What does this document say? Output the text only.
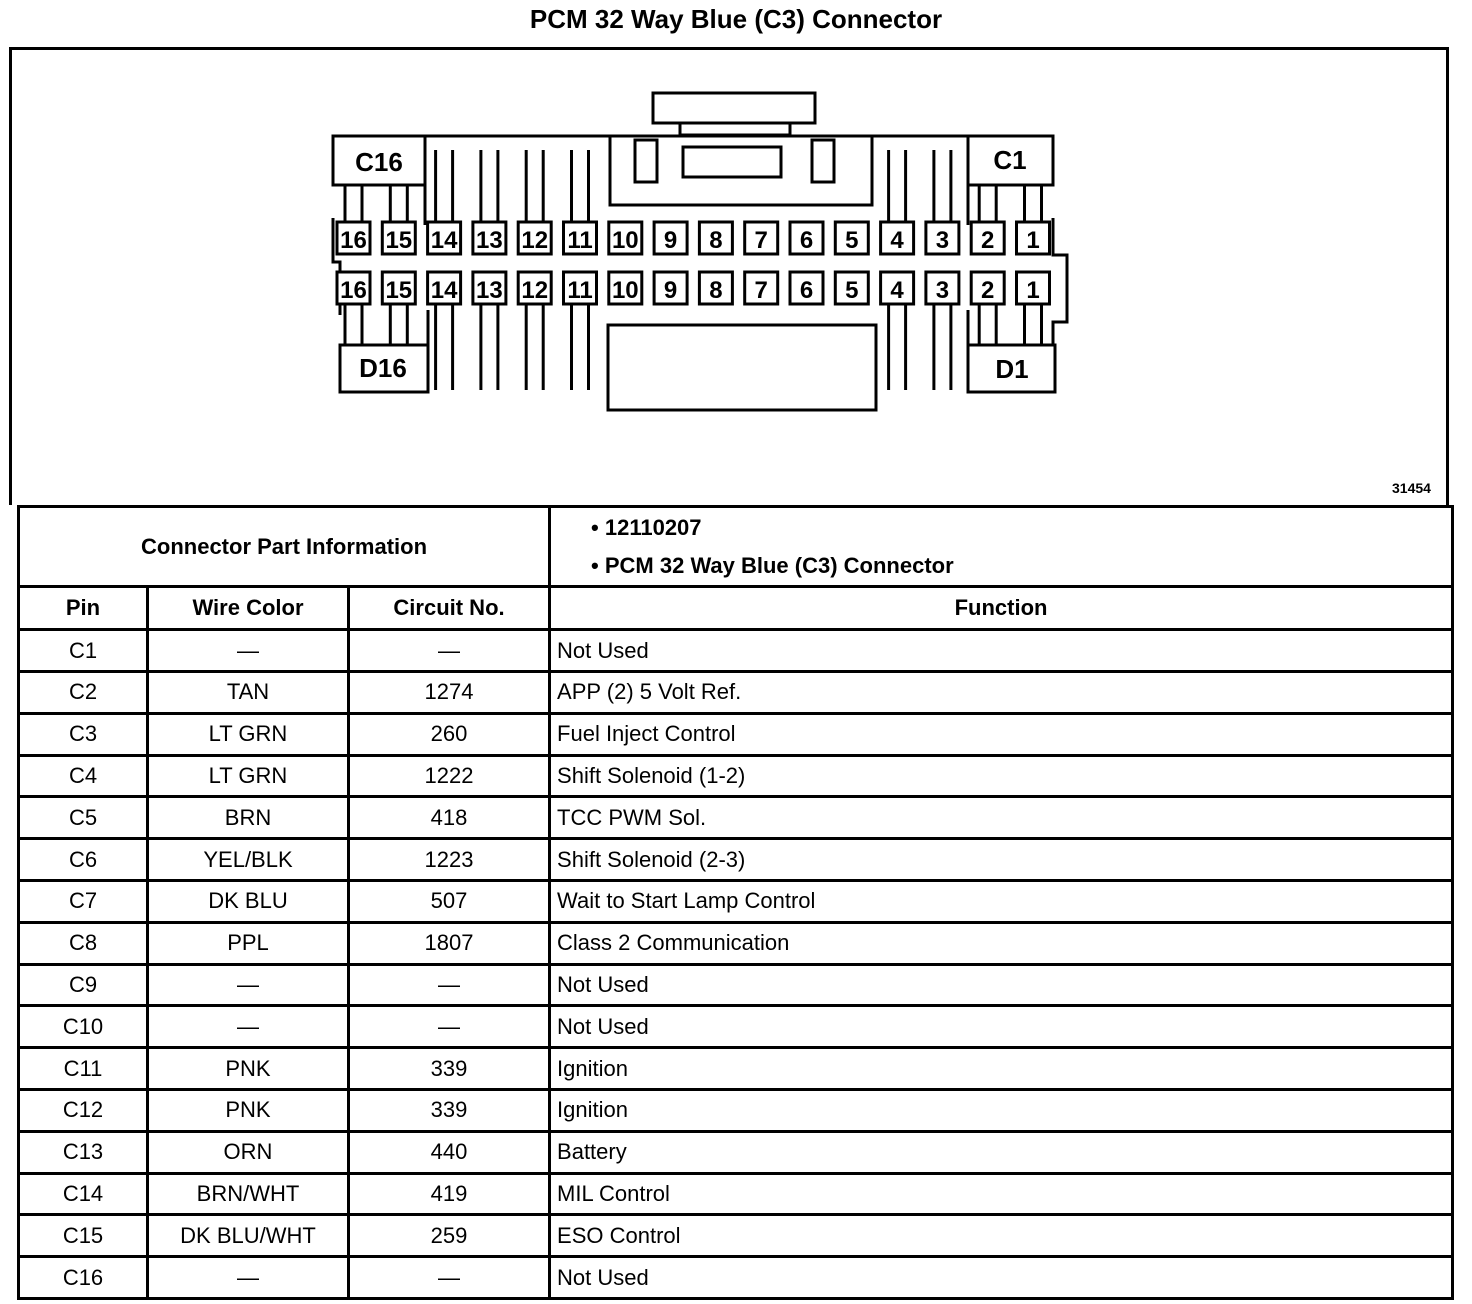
PCM 32 Way Blue (C3) Connector
16 15 14 13 12 11 10 9 8 7 6 5 4 3 2 1
16 15 14 13 12 11 10 9 8 7 6 5 4 3 2 1
C16	C1
D16	D1
31454
Connector Part Information			• 12110207
• PCM 32 Way Blue (C3) Connector

Pin	Wire Color	Circuit No.	Function
C1	—	—	Not Used
C2	TAN	1274	APP (2) 5 Volt Ref.
C3	LT GRN	260	Fuel Inject Control
C4	LT GRN	1222	Shift Solenoid (1-2)
C5	BRN	418	TCC PWM Sol.
C6	YEL/BLK	1223	Shift Solenoid (2-3)
C7	DK BLU	507	Wait to Start Lamp Control
C8	PPL	1807	Class 2 Communication
C9	—	—	Not Used
C10	—	—	Not Used
C11	PNK	339	Ignition
C12	PNK	339	Ignition
C13	ORN	440	Battery
C14	BRN/WHT	419	MIL Control
C15	DK BLU/WHT	259	ESO Control
C16	—	—	Not Used
